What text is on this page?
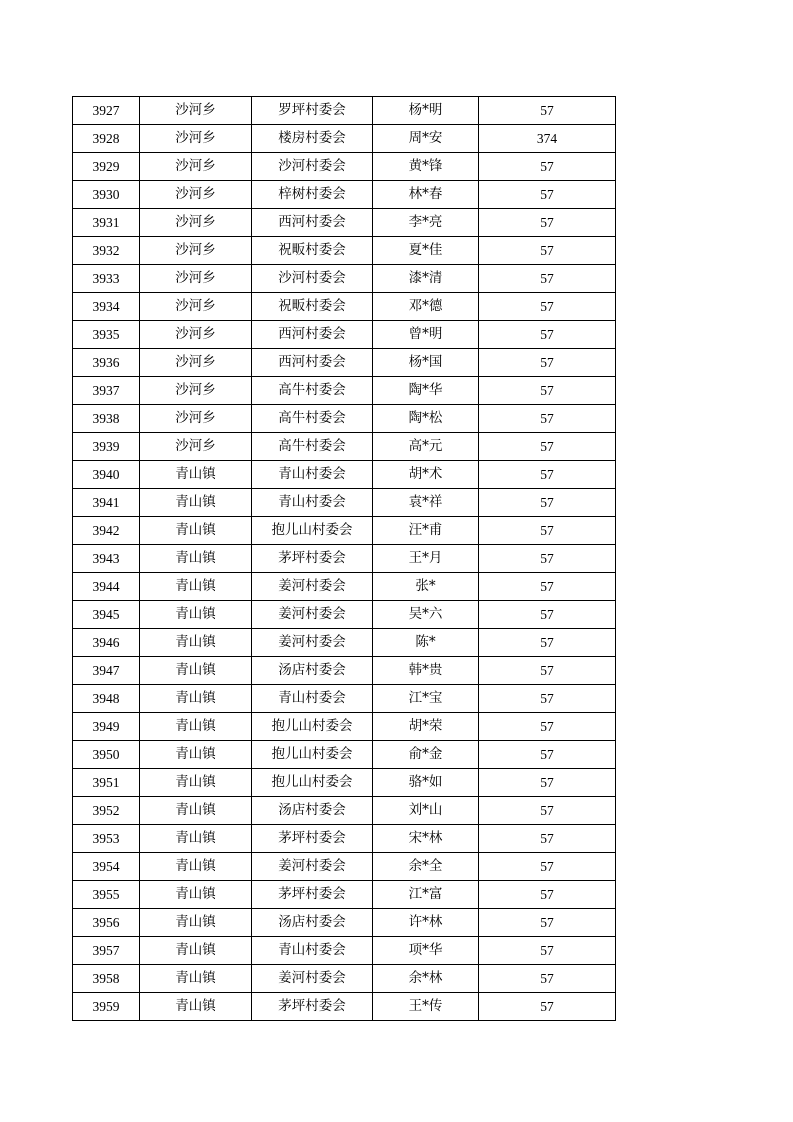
3927	沙河乡	罗坪村委会	杨*明	57
3928	沙河乡	楼房村委会	周*安	374
3929	沙河乡	沙河村委会	黄*锋	57
3930	沙河乡	梓树村委会	林*春	57
3931	沙河乡	西河村委会	李*亮	57
3932	沙河乡	祝畈村委会	夏*佳	57
3933	沙河乡	沙河村委会	漆*清	57
3934	沙河乡	祝畈村委会	邓*德	57
3935	沙河乡	西河村委会	曾*明	57
3936	沙河乡	西河村委会	杨*国	57
3937	沙河乡	高牛村委会	陶*华	57
3938	沙河乡	高牛村委会	陶*松	57
3939	沙河乡	高牛村委会	高*元	57
3940	青山镇	青山村委会	胡*术	57
3941	青山镇	青山村委会	袁*祥	57
3942	青山镇	抱儿山村委会	汪*甫	57
3943	青山镇	茅坪村委会	王*月	57
3944	青山镇	姜河村委会	张*	57
3945	青山镇	姜河村委会	吴*六	57
3946	青山镇	姜河村委会	陈*	57
3947	青山镇	汤店村委会	韩*贵	57
3948	青山镇	青山村委会	江*宝	57
3949	青山镇	抱儿山村委会	胡*荣	57
3950	青山镇	抱儿山村委会	俞*金	57
3951	青山镇	抱儿山村委会	骆*如	57
3952	青山镇	汤店村委会	刘*山	57
3953	青山镇	茅坪村委会	宋*林	57
3954	青山镇	姜河村委会	余*全	57
3955	青山镇	茅坪村委会	江*富	57
3956	青山镇	汤店村委会	许*林	57
3957	青山镇	青山村委会	项*华	57
3958	青山镇	姜河村委会	余*林	57
3959	青山镇	茅坪村委会	王*传	57
